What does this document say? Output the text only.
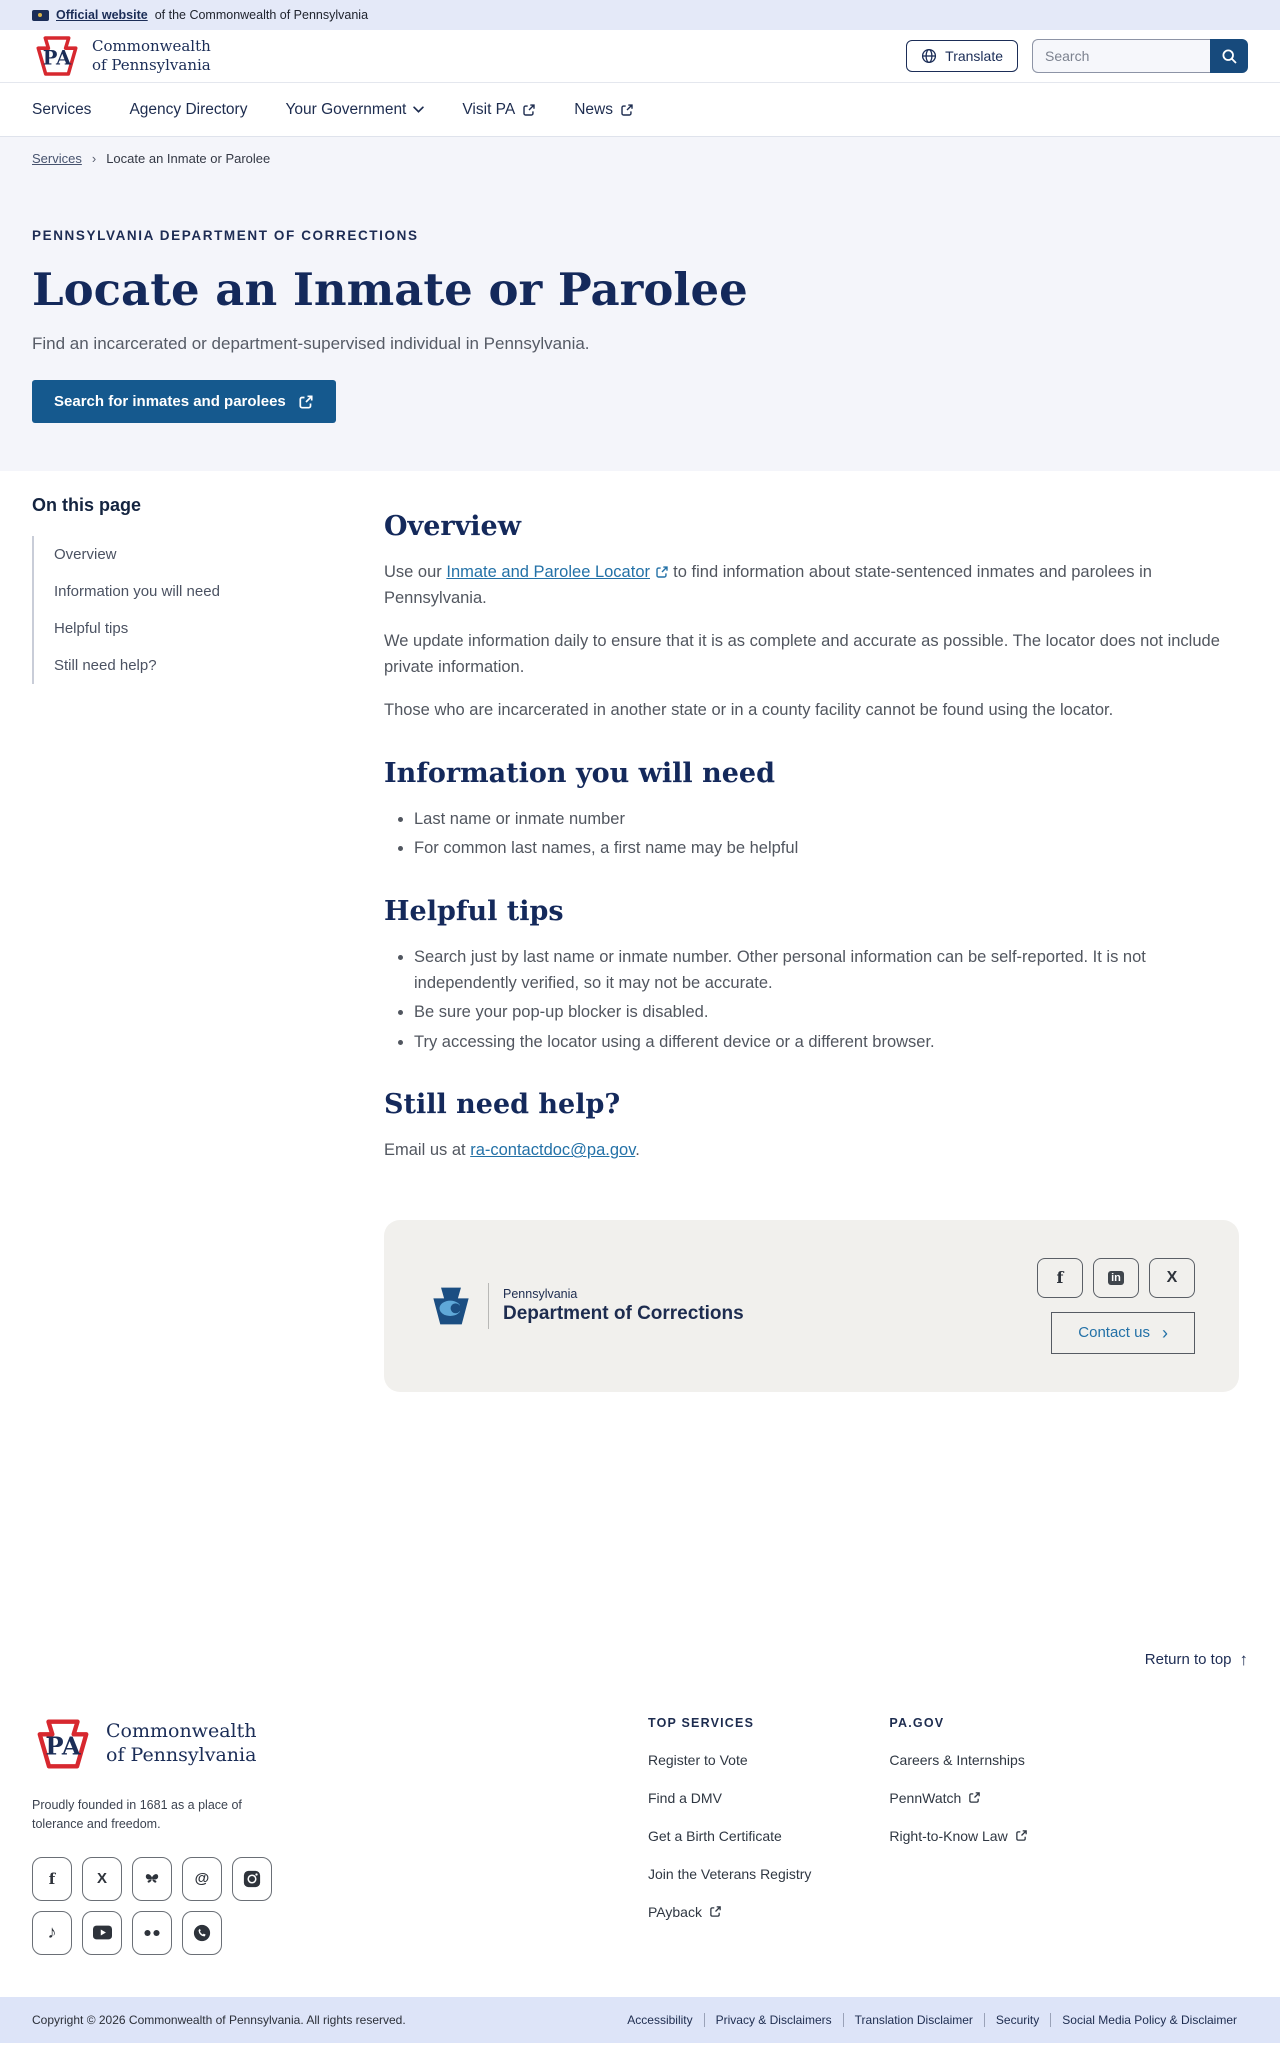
Official website of the Commonwealth of Pennsylvania
PA
Commonwealth
of Pennsylvania	Translate
Search
Services Agency Directory Your Government	Visit PA	News
Services › Locate an Inmate or Parolee
PENNSYLVANIA DEPARTMENT OF CORRECTIONS
Locate an Inmate or Parolee

Find an incarcerated or department-supervised individual in Pennsylvania.

Search for inmates and parolees
On this page
Overview
Information you will need
Helpful tips
Still need help?
Overview

Use our Inmate and Parolee Locator
to find information about state-sentenced inmates and parolees in Pennsylvania.

We update information daily to ensure that it is as complete and accurate as possible. The locator does not include private information.

Those who are incarcerated in another state or in a county facility cannot be found using the locator.

Information you will need
• Last name or inmate number
• For common last names, a first name may be helpful
Helpful tips
• Search just by last name or inmate number. Other personal information can be self-reported. It is not independently verified, so it may not be accurate.
• Be sure your pop-up blocker is disabled.
• Try accessing the locator using a different device or a different browser.
Still need help?

Email us at ra-contactdoc@pa.gov.

Pennsylvania
Department of Corrections
f	in	X
Contact us ›
Return to top ↑
PA
Commonwealth
of Pennsylvania

Proudly founded in 1681 as a place of tolerance and freedom.

f	X	@
♪
TOP SERVICES
Register to Vote
Find a DMV
Get a Birth Certificate
Join the Veterans Registry
PAyback
PA.GOV
Careers & Internships
PennWatch
Right-to-Know Law
Copyright © 2026 Commonwealth of Pennsylvania. All rights reserved.	Accessibility	Privacy & Disclaimers	Translation Disclaimer	Security	Social Media Policy & Disclaimer
